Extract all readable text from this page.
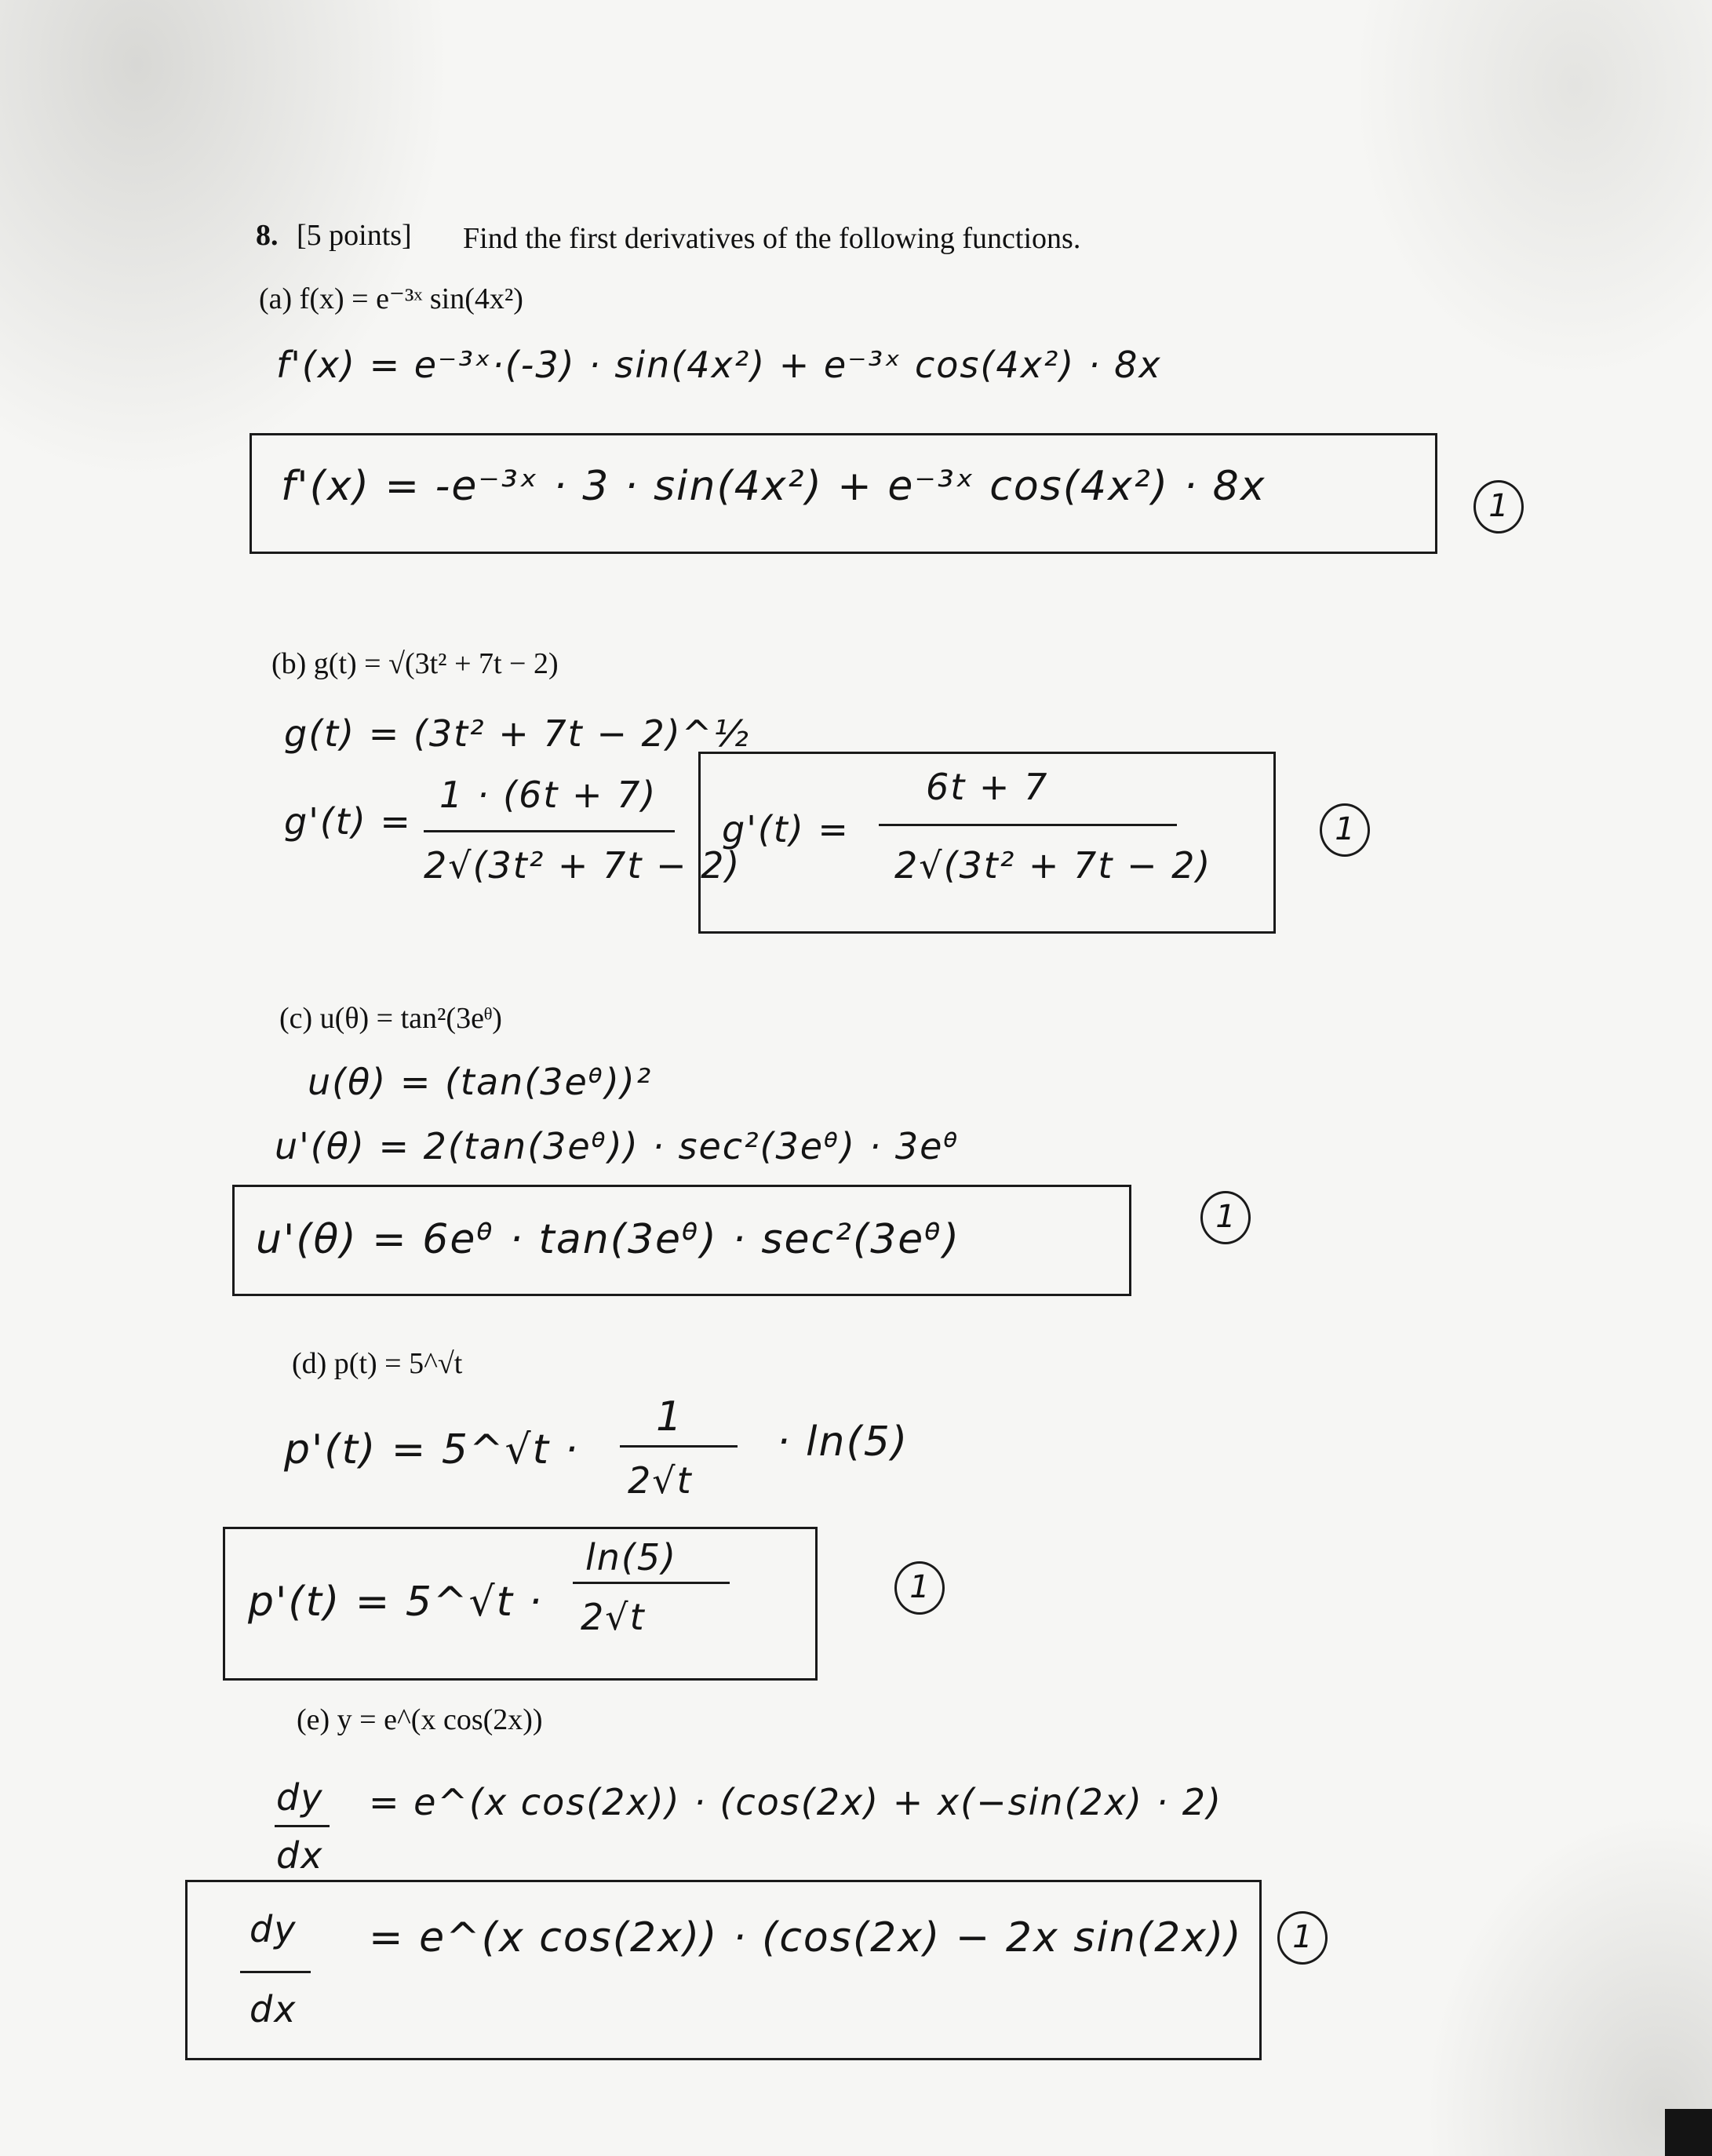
8. [5 points] Find the first derivatives of the following functions.
(a) f(x) = e⁻³ˣ sin(4x²)
f'(x) = e⁻³ˣ·(-3) · sin(4x²) + e⁻³ˣ cos(4x²) · 8x
f'(x) = -e⁻³ˣ · 3 · sin(4x²) + e⁻³ˣ cos(4x²) · 8x	1
(b) g(t) = √(3t² + 7t − 2)
g(t) = (3t² + 7t − 2)^½
g'(t) =
1 · (6t + 7)
2√(3t² + 7t − 2)
g'(t) =
6t + 7
2√(3t² + 7t − 2)
1
(c) u(θ) = tan²(3eᶿ)
u(θ) = (tan(3eᶿ))²
u'(θ) = 2(tan(3eᶿ)) · sec²(3eᶿ) · 3eᶿ
u'(θ) = 6eᶿ · tan(3eᶿ) · sec²(3eᶿ)	1
(d) p(t) = 5^√t
p'(t) = 5^√t ·
1
2√t
· ln(5)
p'(t) = 5^√t ·
ln(5)
2√t
1
(e) y = e^(x cos(2x))
dy
dx
= e^(x cos(2x)) · (cos(2x) + x(−sin(2x) · 2)
dy
dx
= e^(x cos(2x)) · (cos(2x) − 2x sin(2x))	1
